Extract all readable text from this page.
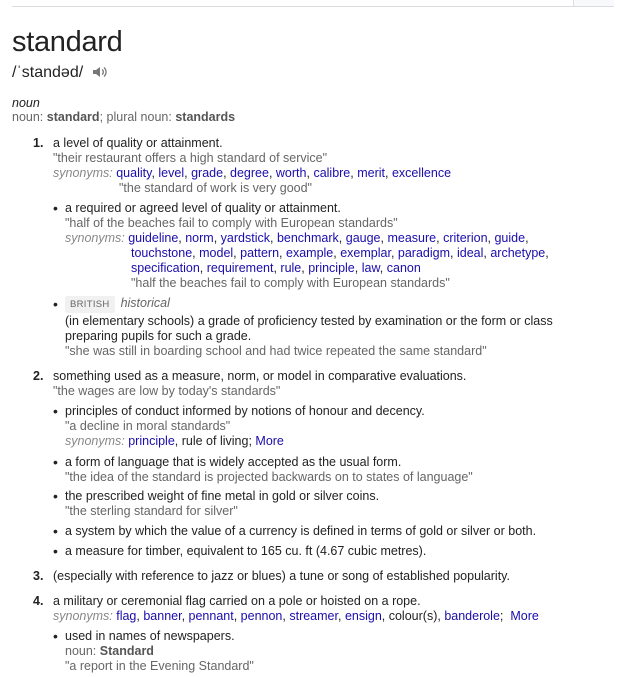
standard
/ˈstandəd/
noun
noun: standard; plural noun: standards
1. a level of quality or attainment.
"their restaurant offers a high standard of service"
synonyms: quality, level, grade, degree, worth, calibre, merit, excellence
"the standard of work is very good"
• a required or agreed level of quality or attainment.
"half of the beaches fail to comply with European standards"
synonyms: guideline, norm, yardstick, benchmark, gauge, measure, criterion, guide,
touchstone, model, pattern, example, exemplar, paradigm, ideal, archetype,
specification, requirement, rule, principle, law, canon
"half the beaches fail to comply with European standards"
•	BRITISH historical
(in elementary schools) a grade of proficiency tested by examination or the form or class
preparing pupils for such a grade.
"she was still in boarding school and had twice repeated the same standard"
2. something used as a measure, norm, or model in comparative evaluations.
"the wages are low by today's standards"
• principles of conduct informed by notions of honour and decency.
"a decline in moral standards"
synonyms: principle, rule of living; More
• a form of language that is widely accepted as the usual form.
"the idea of the standard is projected backwards on to states of language"
• the prescribed weight of fine metal in gold or silver coins.
"the sterling standard for silver"
• a system by which the value of a currency is defined in terms of gold or silver or both.
• a measure for timber, equivalent to 165 cu. ft (4.67 cubic metres).
3. (especially with reference to jazz or blues) a tune or song of established popularity.
4. a military or ceremonial flag carried on a pole or hoisted on a rope.
synonyms: flag, banner, pennant, pennon, streamer, ensign, colour(s), banderole;  More
• used in names of newspapers.
noun: Standard
"a report in the Evening Standard"
